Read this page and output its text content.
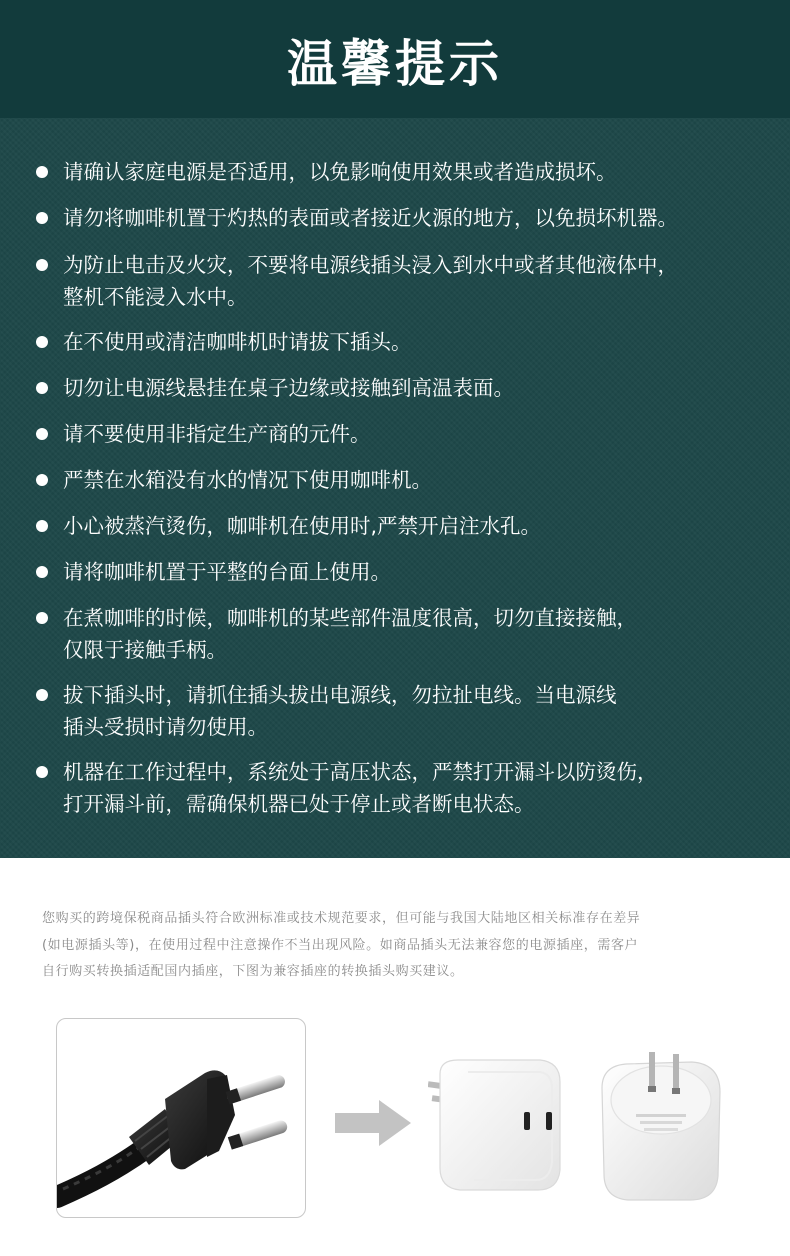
温馨提示
请确认家庭电源是否适用，以免影响使用效果或者造成损坏。
请勿将咖啡机置于灼热的表面或者接近火源的地方，以免损坏机器。
为防止电击及火灾，不要将电源线插头浸入到水中或者其他液体中，
整机不能浸入水中。
在不使用或清洁咖啡机时请拔下插头。
切勿让电源线悬挂在桌子边缘或接触到高温表面。
请不要使用非指定生产商的元件。
严禁在水箱没有水的情况下使用咖啡机。
小心被蒸汽烫伤，咖啡机在使用时,严禁开启注水孔。
请将咖啡机置于平整的台面上使用。
在煮咖啡的时候，咖啡机的某些部件温度很高，切勿直接接触，
仅限于接触手柄。
拔下插头时，请抓住插头拔出电源线，勿拉扯电线。当电源线
插头受损时请勿使用。
机器在工作过程中，系统处于高压状态，严禁打开漏斗以防烫伤，
打开漏斗前，需确保机器已处于停止或者断电状态。
您购买的跨境保税商品插头符合欧洲标准或技术规范要求，但可能与我国大陆地区相关标准存在差异
(如电源插头等)，在使用过程中注意操作不当出现风险。如商品插头无法兼容您的电源插座，需客户
自行购买转换插适配国内插座，下图为兼容插座的转换插头购买建议。
